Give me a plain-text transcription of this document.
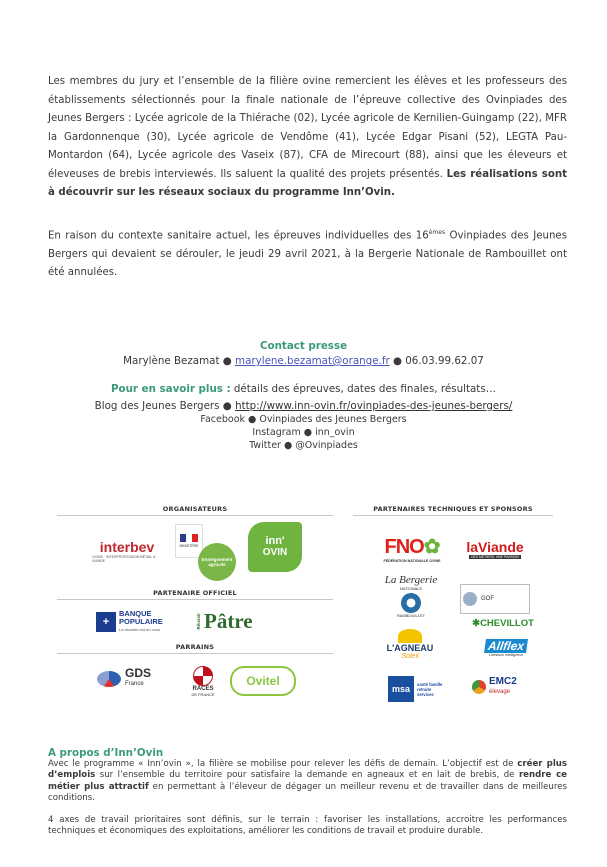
Les membres du jury et l’ensemble de la filière ovine remercient les élèves et les professeurs des établissements sélectionnés pour la finale nationale de l’épreuve collective des Ovinpiades des Jeunes Bergers : Lycée agricole de la Thiérache (02), Lycée agricole de Kernilien-Guingamp (22), MFR la Gardonnenque (30), Lycée agricole de Vendôme (41), Lycée Edgar Pisani (52), LEGTA Pau-Montardon (64), Lycée agricole des Vaseix (87), CFA de Mirecourt (88), ainsi que les éleveurs et éleveuses de brebis interviewés. Ils saluent la qualité des projets présentés. Les réalisations sont à découvrir sur les réseaux sociaux du programme Inn’Ovin.
En raison du contexte sanitaire actuel, les épreuves individuelles des 16èmes Ovinpiades des Jeunes Bergers qui devaient se dérouler, le jeudi 29 avril 2021, à la Bergerie Nationale de Rambouillet ont été annulées.
Contact presse
Marylène Bezamat ● marylene.bezamat@orange.fr ● 06.03.99.62.07
Pour en savoir plus : détails des épreuves, dates des finales, résultats…
Blog des Jeunes Bergers ● http://www.inn-ovin.fr/ovinpiades-des-jeunes-bergers/
Facebook ● Ovinpiades des Jeunes Bergers
Instagram ● inn_ovin
Twitter ● @Ovinpiades
ORGANISATEURS
interbev
OVINS · INTERPROFESSION BÉTAIL & VIANDE
MINISTÈRE
Enseignement agricole
inn'
OVIN
PARTENAIRE OFFICIEL
+
BANQUE
POPULAIRE
La réussite est en vous
Réussir Pâtre
PARRAINS
GDS
France
RACES
DE FRANCE
Ovitel
PARTENAIRES TECHNIQUES ET SPONSORS
FNO✿
FÉDÉRATION NATIONALE OVINE
laViande
DES MÉTIERS, UNE PASSION
La Bergerie
NATIONALE
RAMBOUILLET
GOF
L'AGNEAU
Soleil
✱ CHEVILLOT
Allflex
Livestock Intelligence
msa	santé famille retraite services
EMC2
élevage
A propos d’Inn’Ovin
Avec le programme « Inn’ovin », la filière se mobilise pour relever les défis de demain. L’objectif est de créer plus d’emplois sur l’ensemble du territoire pour satisfaire la demande en agneaux et en lait de brebis, de rendre ce métier plus attractif en permettant à l’éleveur de dégager un meilleur revenu et de travailler dans de meilleures conditions.
4 axes de travail prioritaires sont définis, sur le terrain : favoriser les installations, accroitre les performances techniques et économiques des exploitations, améliorer les conditions de travail et produire durable.
